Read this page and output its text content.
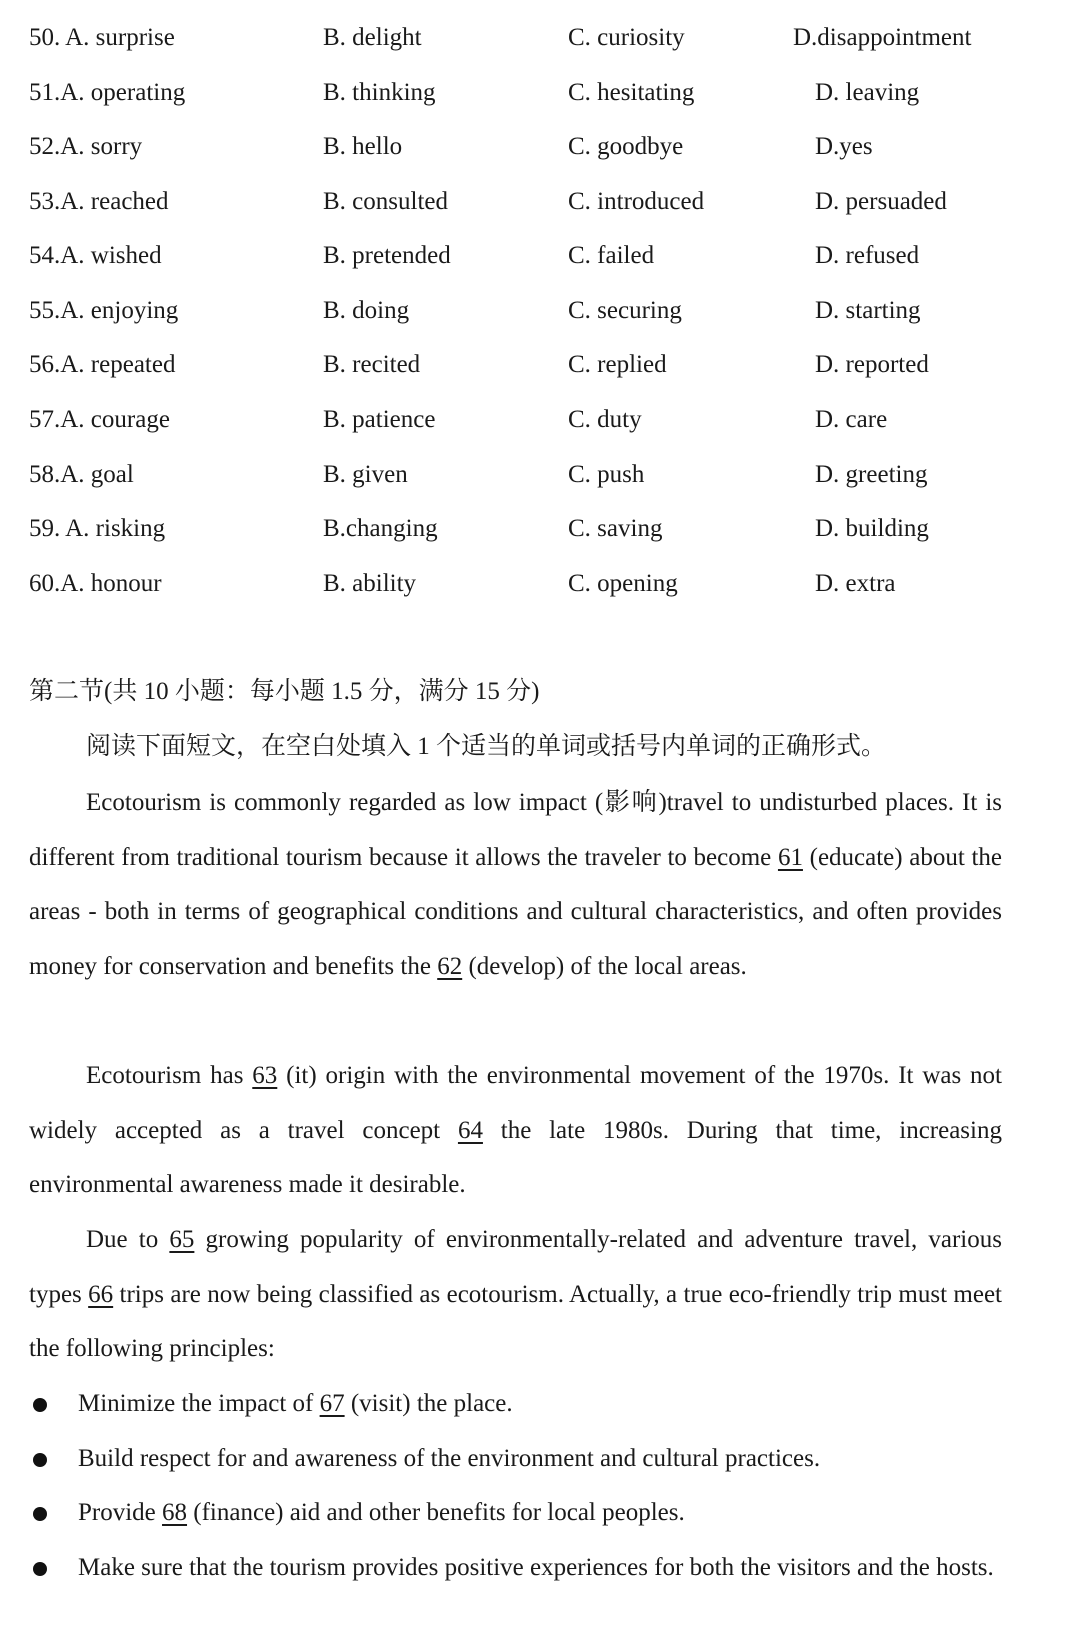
50. A. surprise	B. delight	C. curiosity	D.disappointment
51.A. operating	B. thinking	C. hesitating	D. leaving
52.A. sorry	B. hello	C. goodbye	D.yes
53.A. reached	B. consulted	C. introduced	D. persuaded
54.A. wished	B. pretended	C. failed	D. refused
55.A. enjoying	B. doing	C. securing	D. starting
56.A. repeated	B. recited	C. replied	D. reported
57.A. courage	B. patience	C. duty	D. care
58.A. goal	B. given	C. push	D. greeting
59. A. risking	B.changing	C. saving	D. building
60.A. honour	B. ability	C. opening	D. extra
第二节(共 10 小题：每小题 1.5 分，满分 15 分)
阅读下面短文，在空白处填入 1 个适当的单词或括号内单词的正确形式。

Ecotourism is commonly regarded as low impact (影响)travel to undisturbed places. It is different from traditional tourism because it allows the traveler to become 61 (educate) about the areas - both in terms of geographical conditions and cultural characteristics, and often provides money for conservation and benefits the 62 (develop) of the local areas.

Ecotourism has 63 (it) origin with the environmental movement of the 1970s. It was not widely accepted as a travel concept 64 the late 1980s. During that time, increasing environmental awareness made it desirable.

Due to 65 growing popularity of environmentally-related and adventure travel, various types 66 trips are now being classified as ecotourism. Actually, a true eco-friendly trip must meet the following principles:

Minimize the impact of 67 (visit) the place.
Build respect for and awareness of the environment and cultural practices.
Provide 68 (finance) aid and other benefits for local peoples.
Make sure that the tourism provides positive experiences for both the visitors and the hosts.
